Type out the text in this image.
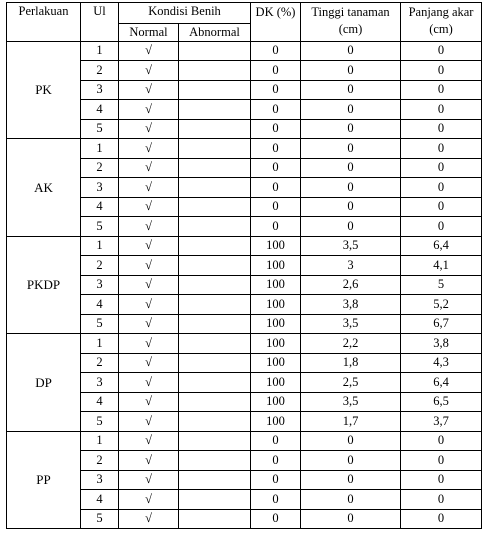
Perlakuan	Ul	Kondisi Benih		DK (%)	Tinggi tanaman (cm)	Panjang akar (cm)
		Normal	Abnormal			
PK	1	√		0	0	0
	2	√		0	0	0
	3	√		0	0	0
	4	√		0	0	0
	5	√		0	0	0
AK	1	√		0	0	0
	2	√		0	0	0
	3	√		0	0	0
	4	√		0	0	0
	5	√		0	0	0
PKDP	1	√		100	3,5	6,4
	2	√		100	3	4,1
	3	√		100	2,6	5
	4	√		100	3,8	5,2
	5	√		100	3,5	6,7
DP	1	√		100	2,2	3,8
	2	√		100	1,8	4,3
	3	√		100	2,5	6,4
	4	√		100	3,5	6,5
	5	√		100	1,7	3,7
PP	1	√		0	0	0
	2	√		0	0	0
	3	√		0	0	0
	4	√		0	0	0
	5	√		0	0	0
